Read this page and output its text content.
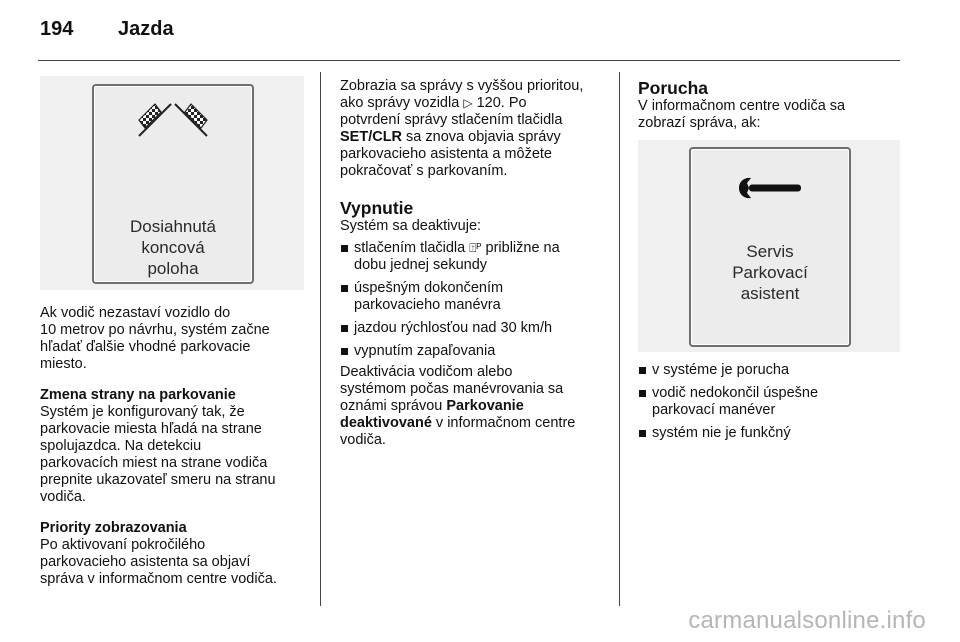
194 Jazda
Dosiahnutá
koncová
poloha

Ak vodič nezastaví vozidlo do
10 metrov po návrhu, systém začne
hľadať ďalšie vhodné parkovacie
miesto.

Zmena strany na parkovanie

Systém je konfigurovaný tak, že
parkovacie miesta hľadá na strane
spolujazdca. Na detekciu
parkovacích miest na strane vodiča
prepnite ukazovateľ smeru na stranu
vodiča.

Priority zobrazovania

Po aktivovaní pokročilého
parkovacieho asistenta sa objaví
správa v informačnom centre vodiča.

Zobrazia sa správy s vyššou prioritou,
ako správy vozidla ▷ 120. Po
potvrdení správy stlačením tlačidla
SET/CLR sa znova objavia správy
parkovacieho asistenta a môžete
pokračovať s parkovaním.

Vypnutie

Systém sa deaktivuje:

stlačením tlačidla ⍐ᴾ približne na
dobu jednej sekundy
úspešným dokončením
parkovacieho manévra
jazdou rýchlosťou nad 30 km/h
vypnutím zapaľovania

Deaktivácia vodičom alebo
systémom počas manévrovania sa
oznámi správou Parkovanie
deaktivované v informačnom centre
vodiča.

Porucha

V informačnom centre vodiča sa
zobrazí správa, ak:

Servis
Parkovací
asistent
v systéme je porucha
vodič nedokončil úspešne
parkovací manéver
systém nie je funkčný
carmanualsonline.info
